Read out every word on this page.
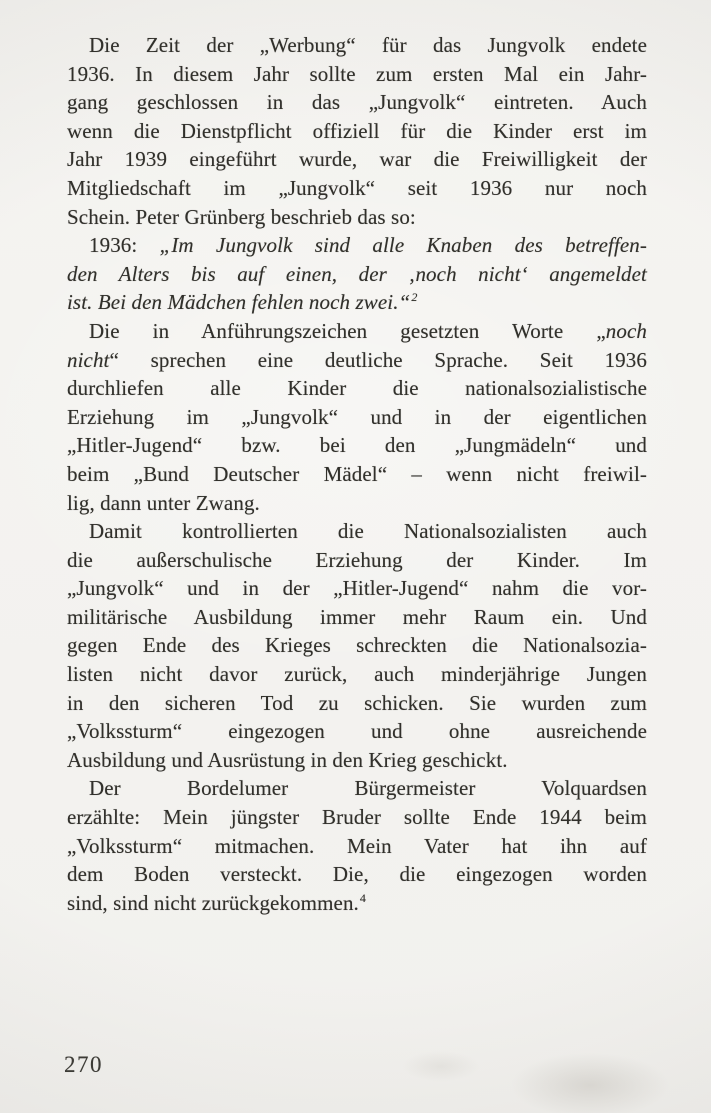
Die Zeit der „Werbung“ für das Jungvolk endete
1936. In diesem Jahr sollte zum ersten Mal ein Jahr-
gang geschlossen in das „Jungvolk“ eintreten. Auch
wenn die Dienstpflicht offiziell für die Kinder erst im
Jahr 1939 eingeführt wurde, war die Freiwilligkeit der
Mitgliedschaft im „Jungvolk“ seit 1936 nur noch
Schein. Peter Grünberg beschrieb das so:

1936: „Im Jungvolk sind alle Knaben des betreffen-
den Alters bis auf einen, der ‚noch nicht‘ angemeldet
ist. Bei den Mädchen fehlen noch zwei.“$^2$

Die in Anführungszeichen gesetzten Worte „noch
nicht“ sprechen eine deutliche Sprache. Seit 1936
durchliefen alle Kinder die nationalsozialistische
Erziehung im „Jungvolk“ und in der eigentlichen
„Hitler-Jugend“ bzw. bei den „Jungmädeln“ und
beim „Bund Deutscher Mädel“ – wenn nicht freiwil-
lig, dann unter Zwang.

Damit kontrollierten die Nationalsozialisten auch
die außerschulische Erziehung der Kinder. Im
„Jungvolk“ und in der „Hitler-Jugend“ nahm die vor-
militärische Ausbildung immer mehr Raum ein. Und
gegen Ende des Krieges schreckten die Nationalsozia-
listen nicht davor zurück, auch minderjährige Jungen
in den sicheren Tod zu schicken. Sie wurden zum
„Volkssturm“ eingezogen und ohne ausreichende
Ausbildung und Ausrüstung in den Krieg geschickt.

Der Bordelumer Bürgermeister Volquardsen
erzählte: Mein jüngster Bruder sollte Ende 1944 beim
„Volkssturm“ mitmachen. Mein Vater hat ihn auf
dem Boden versteckt. Die, die eingezogen worden
sind, sind nicht zurückgekommen.$^4$

270
